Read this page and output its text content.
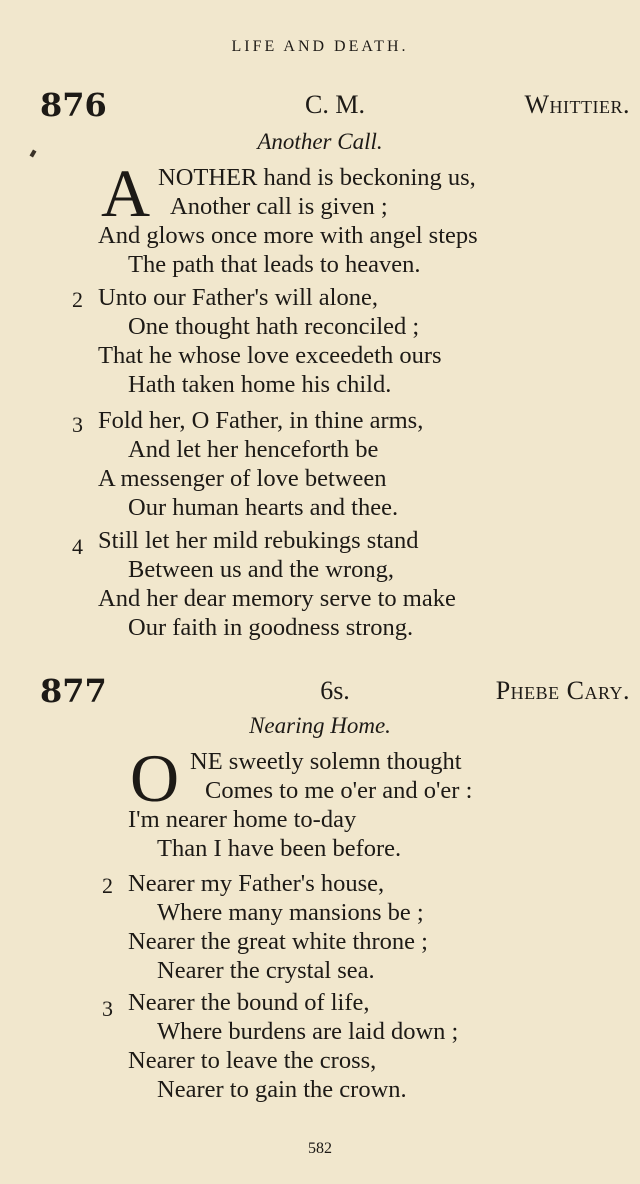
LIFE AND DEATH.
876	C. M.	Whittier.
Another Call.
A NOTHER hand is beckoning us,
Another call is given ;
And glows once more with angel steps
The path that leads to heaven.
2 Unto our Father's will alone,
One thought hath reconciled ;
That he whose love exceedeth ours
Hath taken home his child.
3 Fold her, O Father, in thine arms,
And let her henceforth be
A messenger of love between
Our human hearts and thee.
4 Still let her mild rebukings stand
Between us and the wrong,
And her dear memory serve to make
Our faith in goodness strong.
877	6s.	Phebe Cary.
Nearing Home.
O NE sweetly solemn thought
Comes to me o'er and o'er :
I'm nearer home to-day
Than I have been before.
2 Nearer my Father's house,
Where many mansions be ;
Nearer the great white throne ;
Nearer the crystal sea.
3 Nearer the bound of life,
Where burdens are laid down ;
Nearer to leave the cross,
Nearer to gain the crown.
582
